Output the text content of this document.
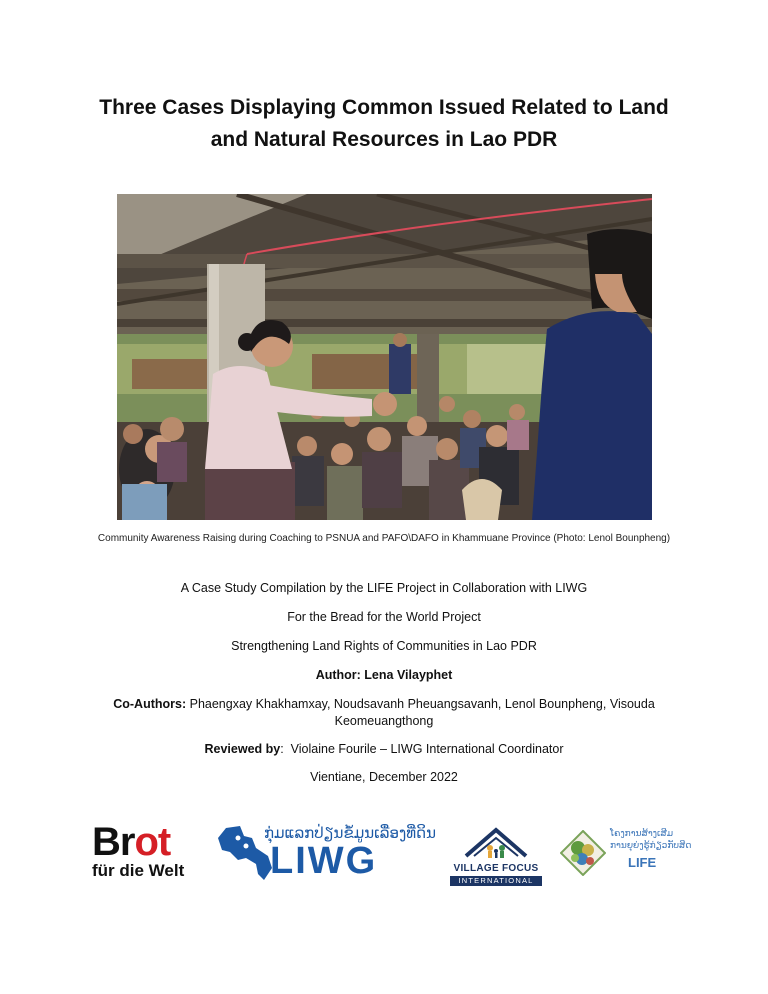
Three Cases Displaying Common Issued Related to Land
and Natural Resources in Lao PDR
Community Awareness Raising during Coaching to PSNUA and PAFO\DAFO in Khammuane Province (Photo: Lenol Bounpheng)
A Case Study Compilation by the LIFE Project in Collaboration with LIWG
For the Bread for the World Project
Strengthening Land Rights of Communities in Lao PDR
Author: Lena Vilayphet
Co-Authors: Phaengxay Khakhamxay, Noudsavanh Pheuangsavanh, Lenol Bounpheng, Visouda
Keomeuangthong
Reviewed by: Violaine Fourile – LIWG International Coordinator
Vientiane, December 2022
Brot
für die Welt
ກຸ່ມແລກປ່ຽນຂໍ້ມູນເລື່ອງທີ່ດິນ
LIWG	VILLAGE FOCUS
INTERNATIONAL
ໂຄງການສ້າງເສີມ
ການຍຸຍ່ງຮູ້ກ່ຽວກັບສິດ
LIFE
